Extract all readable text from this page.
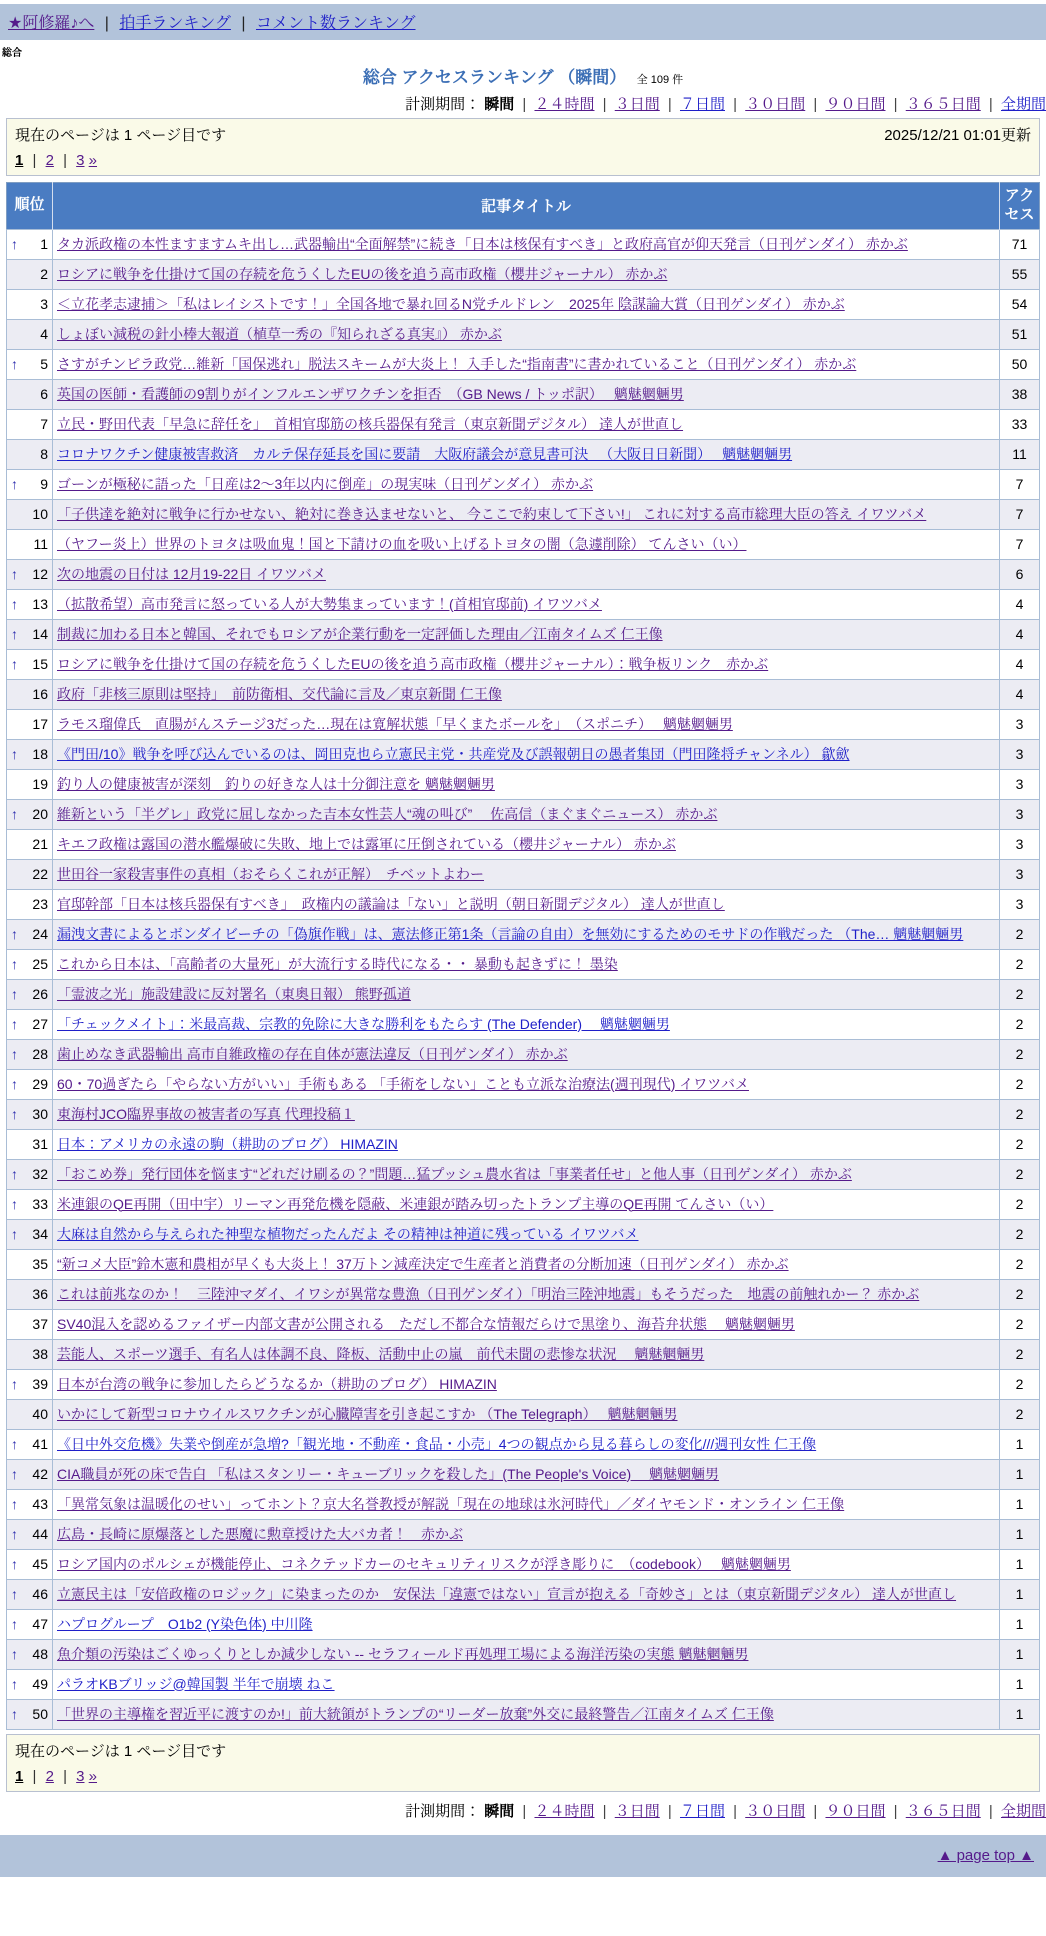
★阿修羅♪へ | 拍手ランキング | コメント数ランキング
総合
総合 アクセスランキング （瞬間） 全 109 件
計測期間： 瞬間 | ２４時間 | ３日間 | ７日間 | ３０日間 | ９０日間 | ３６５日間 | 全期間
現在のページは 1 ページ目です	2025/12/21 01:01更新
1 | 2 | 3 »
順位	記事タイトル	アクセス

↑ 1	タカ派政権の本性ますますムキ出し…武器輸出“全面解禁”に続き「日本は核保有すべき」と政府高官が仰天発言（日刊ゲンダイ） 赤かぶ	71
2	ロシアに戦争を仕掛けて国の存続を危うくしたEUの後を追う高市政権（櫻井ジャーナル） 赤かぶ	55
3	＜立花孝志逮捕＞「私はレイシストです！」全国各地で暴れ回るN党チルドレン　2025年 陰謀論大賞（日刊ゲンダイ） 赤かぶ	54
4	しょぼい減税の針小棒大報道（植草一秀の『知られざる真実』） 赤かぶ	51

↑ 5	さすがチンピラ政党…維新「国保逃れ」脱法スキームが大炎上！ 入手した“指南書”に書かれていること（日刊ゲンダイ） 赤かぶ	50
6	英国の医師・看護師の9割りがインフルエンザワクチンを拒否　（GB News / トッポ訳）　 魑魅魍魎男	38
7	立民・野田代表「早急に辞任を」　首相官邸筋の核兵器保有発言（東京新聞デジタル） 達人が世直し	33
8	コロナワクチン健康被害救済　カルテ保存延長を国に要請　大阪府議会が意見書可決 　（大阪日日新聞）　 魑魅魍魎男	11

↑ 9	ゴーンが極秘に語った「日産は2～3年以内に倒産」の現実味（日刊ゲンダイ） 赤かぶ	7
10	「子供達を絶対に戦争に行かせない、絶対に巻き込ませないと、 今ここで約束して下さい!」 これに対する高市総理大臣の答え イワツバメ	7
11	（ヤフー炎上）世界のトヨタは吸血鬼！国と下請けの血を吸い上げるトヨタの闇（急遽削除） てんさい（い）	7

↑ 12	次の地震の日付は 12月19-22日 イワツバメ	6

↑ 13	（拡散希望）高市発言に怒っている人が大勢集まっています！(首相官邸前) イワツバメ	4

↑ 14	制裁に加わる日本と韓国、それでもロシアが企業行動を一定評価した理由／江南タイムズ 仁王像	4

↑ 15	ロシアに戦争を仕掛けて国の存続を危うくしたEUの後を追う高市政権（櫻井ジャーナル）：戦争板リンク　赤かぶ	4
16	政府「非核三原則は堅持」　前防衛相、交代論に言及／東京新聞 仁王像	4
17	ラモス瑠偉氏　直腸がんステージ3だった…現在は寛解状態「早くまたボールを」　（スポニチ）　 魑魅魍魎男	3

↑ 18	《門田/10》戦争を呼び込んでいるのは、岡田克也ら立憲民主党・共産党及び誤報朝日の愚者集団（門田隆将チャンネル） 歙歛	3
19	釣り人の健康被害が深刻　釣りの好きな人は十分御注意を 魑魅魍魎男	3

↑ 20	維新という「半グレ」政党に屈しなかった吉本女性芸人“魂の叫び”　 佐高信（まぐまぐニュース） 赤かぶ	3
21	キエフ政権は露国の潜水艦爆破に失敗、地上では露軍に圧倒されている（櫻井ジャーナル） 赤かぶ	3
22	世田谷一家殺害事件の真相（おそらくこれが正解）　チベットよわー	3
23	官邸幹部「日本は核兵器保有すべき」　政権内の議論は「ない」と説明（朝日新聞デジタル） 達人が世直し	3

↑ 24	漏洩文書によるとボンダイビーチの「偽旗作戦」は、憲法修正第1条（言論の自由）を無効にするためのモサドの作戦だった （The… 魑魅魍魎男	2

↑ 25	これから日本は、「高齢者の大量死」が大流行する時代になる・・ 暴動も起きずに！ 墨染	2

↑ 26	「霊波之光」施設建設に反対署名（東奥日報） 熊野孤道	2

↑ 27	「チェックメイト」：米最高裁、宗教的免除に大きな勝利をもたらす (The Defender)　 魑魅魍魎男	2

↑ 28	歯止めなき武器輸出 高市自維政権の存在自体が憲法違反（日刊ゲンダイ） 赤かぶ	2

↑ 29	60・70過ぎたら「やらない方がいい」手術もある 「手術をしない」ことも立派な治療法(週刊現代) イワツバメ	2

↑ 30	東海村JCO臨界事故の被害者の写真 代理投稿１	2
31	日本：アメリカの永遠の駒（耕助のブログ） HIMAZIN	2

↑ 32	「おこめ券」発行団体を悩ます“どれだけ刷るの？”問題…猛プッシュ農水省は「事業者任せ」と他人事（日刊ゲンダイ） 赤かぶ	2

↑ 33	米連銀のQE再開（田中宇）リーマン再発危機を隠蔽、米連銀が踏み切ったトランプ主導のQE再開 てんさい（い）	2

↑ 34	大麻は自然から与えられた神聖な植物だったんだよ その精神は神道に残っている イワツバメ	2
35	“新コメ大臣”鈴木憲和農相が早くも大炎上！ 37万トン減産決定で生産者と消費者の分断加速（日刊ゲンダイ） 赤かぶ	2
36	これは前兆なのか！　三陸沖マダイ、イワシが異常な豊漁（日刊ゲンダイ）「明治三陸沖地震」もそうだった　地震の前触れかー？ 赤かぶ	2
37	SV40混入を認めるファイザー内部文書が公開される　ただし不都合な情報だらけで黒塗り、海苔弁状態　 魑魅魍魎男	2
38	芸能人、スポーツ選手、有名人は体調不良、降板、活動中止の嵐　前代未聞の悲惨な状況　 魑魅魍魎男	2

↑ 39	日本が台湾の戦争に参加したらどうなるか（耕助のブログ） HIMAZIN	2
40	いかにして新型コロナウイルスワクチンが心臓障害を引き起こすか （The Telegraph）　 魑魅魍魎男	2

↑ 41	《日中外交危機》失業や倒産が急増?「観光地・不動産・食品・小売」4つの観点から見る暮らしの変化///週刊女性 仁王像	1

↑ 42	CIA職員が死の床で告白 「私はスタンリー・キューブリックを殺した」(The People's Voice)　 魑魅魍魎男	1

↑ 43	「異常気象は温暖化のせい」ってホント？京大名誉教授が解説「現在の地球は氷河時代」／ダイヤモンド・オンライン 仁王像	1

↑ 44	広島・長崎に原爆落とした悪魔に勲章授けた大バカ者！　赤かぶ	1

↑ 45	ロシア国内のポルシェが機能停止、コネクテッドカーのセキュリティリスクが浮き彫りに　（codebook）　 魑魅魍魎男	1

↑ 46	立憲民主は「安倍政権のロジック」に染まったのか　安保法「違憲ではない」宣言が抱える「奇妙さ」とは（東京新聞デジタル） 達人が世直し	1

↑ 47	ハプログループ　O1b2 (Y染色体) 中川隆	1

↑ 48	魚介類の汚染はごくゆっくりとしか減少しない -- セラフィールド再処理工場による海洋汚染の実態 魑魅魍魎男	1

↑ 49	パラオKBブリッジ@韓国製 半年で崩壊 ねこ	1

↑ 50	「世界の主導権を習近平に渡すのか!」前大統領がトランプの“リーダー放棄”外交に最終警告／江南タイムズ 仁王像	1
現在のページは 1 ページ目です
1 | 2 | 3 »
計測期間： 瞬間 | ２４時間 | ３日間 | ７日間 | ３０日間 | ９０日間 | ３６５日間 | 全期間
▲ page top ▲
